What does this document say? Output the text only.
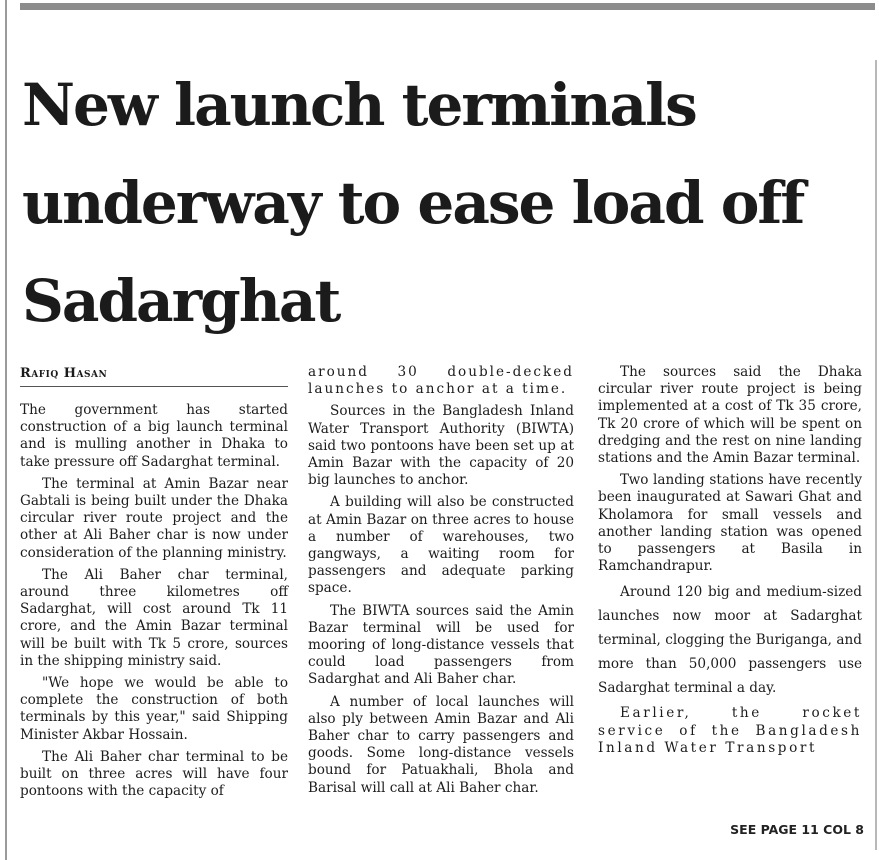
New launch terminals underway to ease load off Sadarghat
Rafiq Hasan

The government has started construction of a big launch terminal and is mulling another in Dhaka to take pressure off Sadarghat terminal.

The terminal at Amin Bazar near Gabtali is being built under the Dhaka circular river route project and the other at Ali Baher char is now under consideration of the planning ministry.

The Ali Baher char terminal, around three kilometres off Sadarghat, will cost around Tk 11 crore, and the Amin Bazar terminal will be built with Tk 5 crore, sources in the shipping ministry said.

"We hope we would be able to complete the construction of both terminals by this year," said Shipping Minister Akbar Hossain.

The Ali Baher char terminal to be built on three acres will have four pontoons with the capacity of

around 30 double-decked launches to anchor at a time.

Sources in the Bangladesh Inland Water Transport Authority (BIWTA) said two pontoons have been set up at Amin Bazar with the capacity of 20 big launches to anchor.

A building will also be constructed at Amin Bazar on three acres to house a number of warehouses, two gangways, a waiting room for passengers and adequate parking space.

The BIWTA sources said the Amin Bazar terminal will be used for mooring of long-distance vessels that could load passengers from Sadarghat and Ali Baher char.

A number of local launches will also ply between Amin Bazar and Ali Baher char to carry passengers and goods. Some long-distance vessels bound for Patuakhali, Bhola and Barisal will call at Ali Baher char.

The sources said the Dhaka circular river route project is being implemented at a cost of Tk 35 crore, Tk 20 crore of which will be spent on dredging and the rest on nine landing stations and the Amin Bazar terminal.

Two landing stations have recently been inaugurated at Sawari Ghat and Kholamora for small vessels and another landing station was opened to passengers at Basila in Ramchandrapur.

Around 120 big and medium-sized launches now moor at Sadarghat terminal, clogging the Buriganga, and more than 50,000 passengers use Sadarghat terminal a day.

Earlier, the rocket service of the Bangladesh Inland Water Transport

SEE PAGE 11 COL 8
